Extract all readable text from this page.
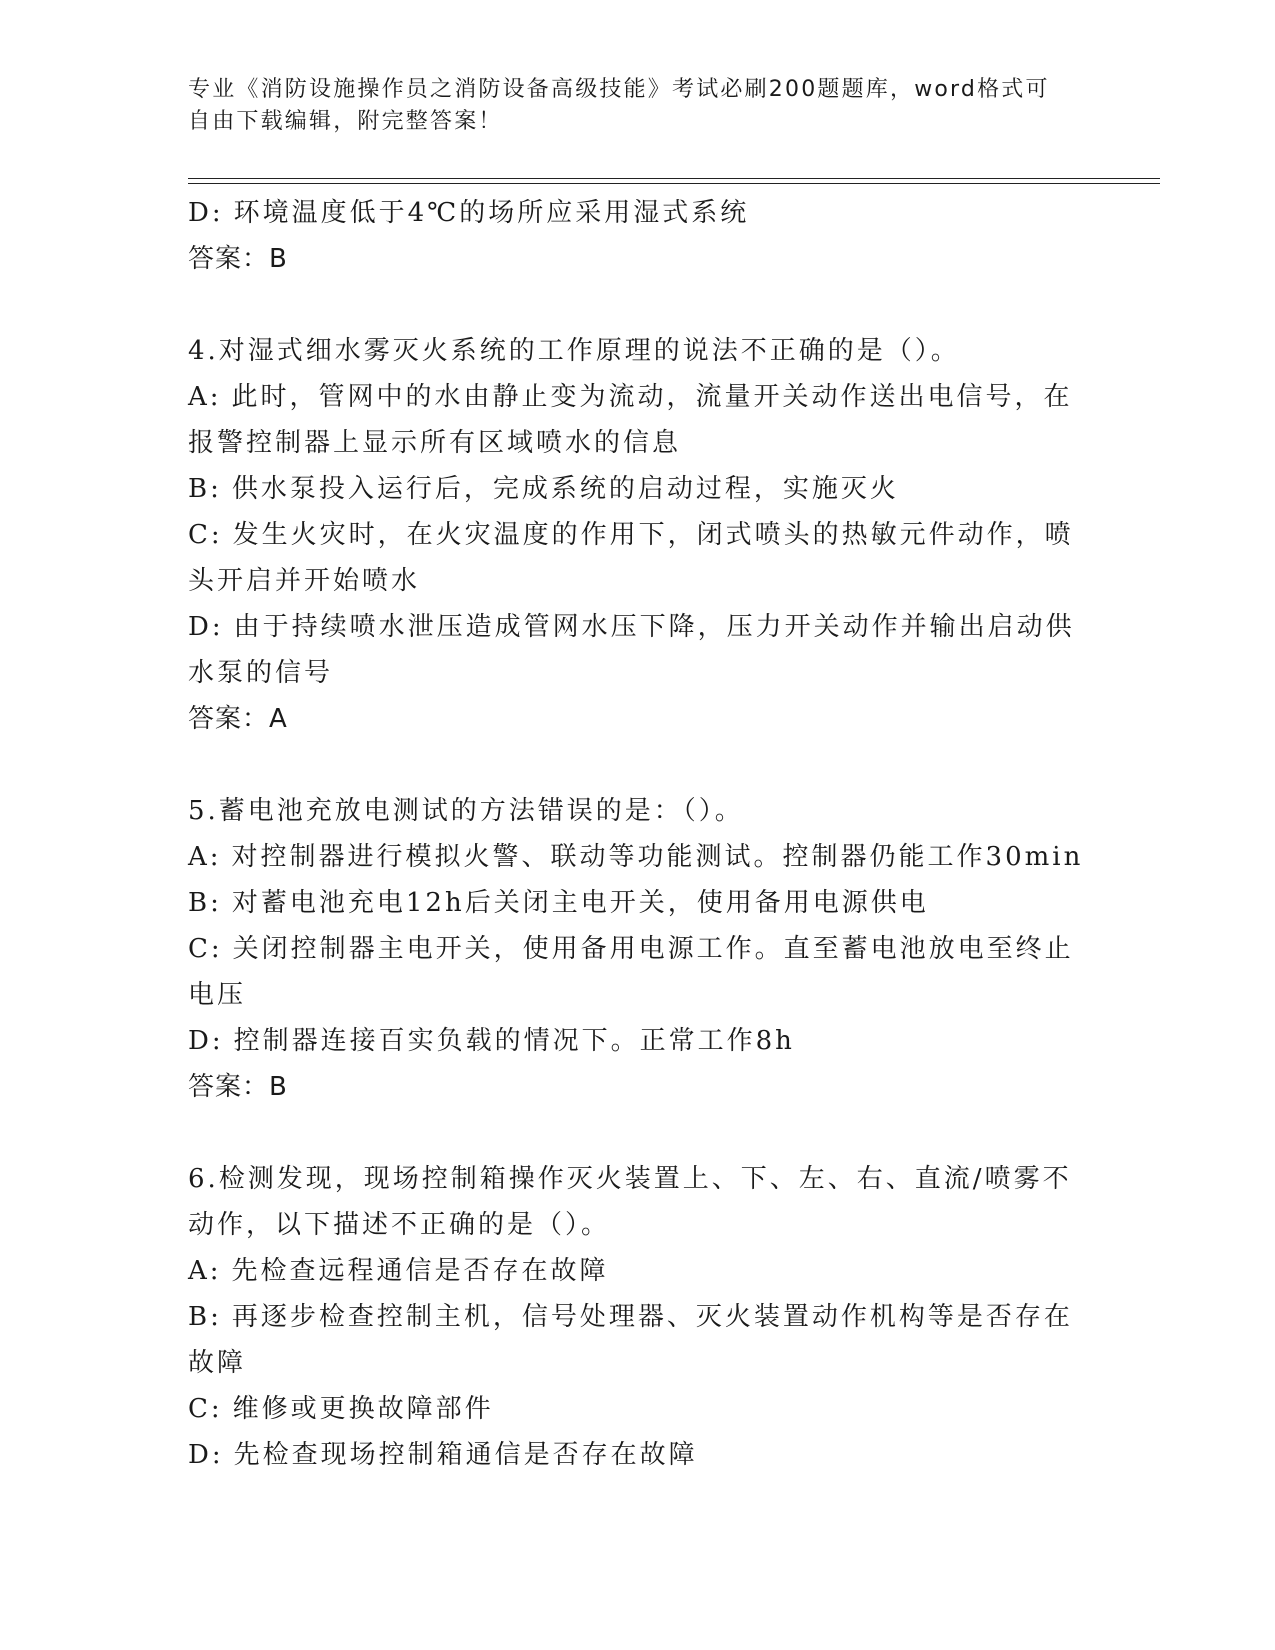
专业《消防设施操作员之消防设备高级技能》考试必刷200题题库，word格式可
自由下载编辑，附完整答案！
D: 环境温度低于4℃的场所应采用湿式系统
答案：B
4.对湿式细水雾灭火系统的工作原理的说法不正确的是（）。
A: 此时，管网中的水由静止变为流动，流量开关动作送出电信号，在
报警控制器上显示所有区域喷水的信息
B: 供水泵投入运行后，完成系统的启动过程，实施灭火
C: 发生火灾时，在火灾温度的作用下，闭式喷头的热敏元件动作，喷
头开启并开始喷水
D: 由于持续喷水泄压造成管网水压下降，压力开关动作并输出启动供
水泵的信号
答案：A
5.蓄电池充放电测试的方法错误的是：（）。
A: 对控制器进行模拟火警、联动等功能测试。控制器仍能工作30min
B: 对蓄电池充电12h后关闭主电开关，使用备用电源供电
C: 关闭控制器主电开关，使用备用电源工作。直至蓄电池放电至终止
电压
D: 控制器连接百实负载的情况下。正常工作8h
答案：B
6.检测发现，现场控制箱操作灭火装置上、下、左、右、直流/喷雾不
动作，以下描述不正确的是（）。
A: 先检查远程通信是否存在故障
B: 再逐步检查控制主机，信号处理器、灭火装置动作机构等是否存在
故障
C: 维修或更换故障部件
D: 先检查现场控制箱通信是否存在故障
